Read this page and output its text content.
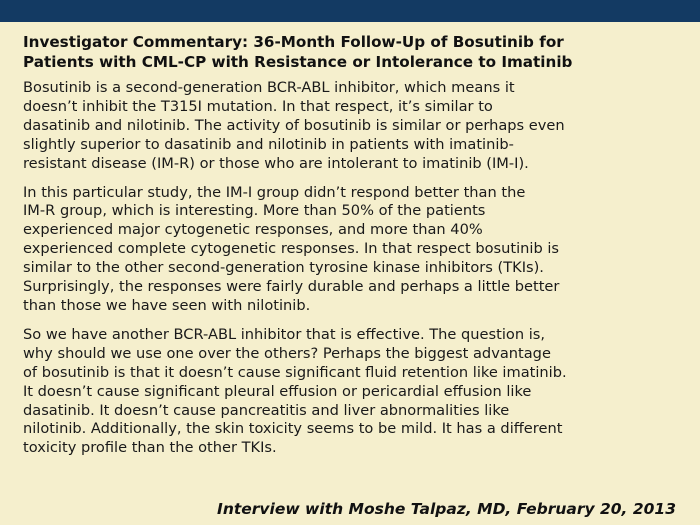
Investigator Commentary: 36-Month Follow-Up of Bosutinib for
Patients with CML-CP with Resistance or Intolerance to Imatinib

Bosutinib is a second-generation BCR-ABL inhibitor, which means it
doesn’t inhibit the T315I mutation. In that respect, it’s similar to
dasatinib and nilotinib. The activity of bosutinib is similar or perhaps even
slightly superior to dasatinib and nilotinib in patients with imatinib-
resistant disease (IM-R) or those who are intolerant to imatinib (IM-I).

In this particular study, the IM-I group didn’t respond better than the
IM-R group, which is interesting. More than 50% of the patients
experienced major cytogenetic responses, and more than 40%
experienced complete cytogenetic responses. In that respect bosutinib is
similar to the other second-generation tyrosine kinase inhibitors (TKIs).
Surprisingly, the responses were fairly durable and perhaps a little better
than those we have seen with nilotinib.

So we have another BCR-ABL inhibitor that is effective. The question is,
why should we use one over the others? Perhaps the biggest advantage
of bosutinib is that it doesn’t cause significant fluid retention like imatinib.
It doesn’t cause significant pleural effusion or pericardial effusion like
dasatinib. It doesn’t cause pancreatitis and liver abnormalities like
nilotinib. Additionally, the skin toxicity seems to be mild. It has a different
toxicity profile than the other TKIs.

Interview with Moshe Talpaz, MD, February 20, 2013
